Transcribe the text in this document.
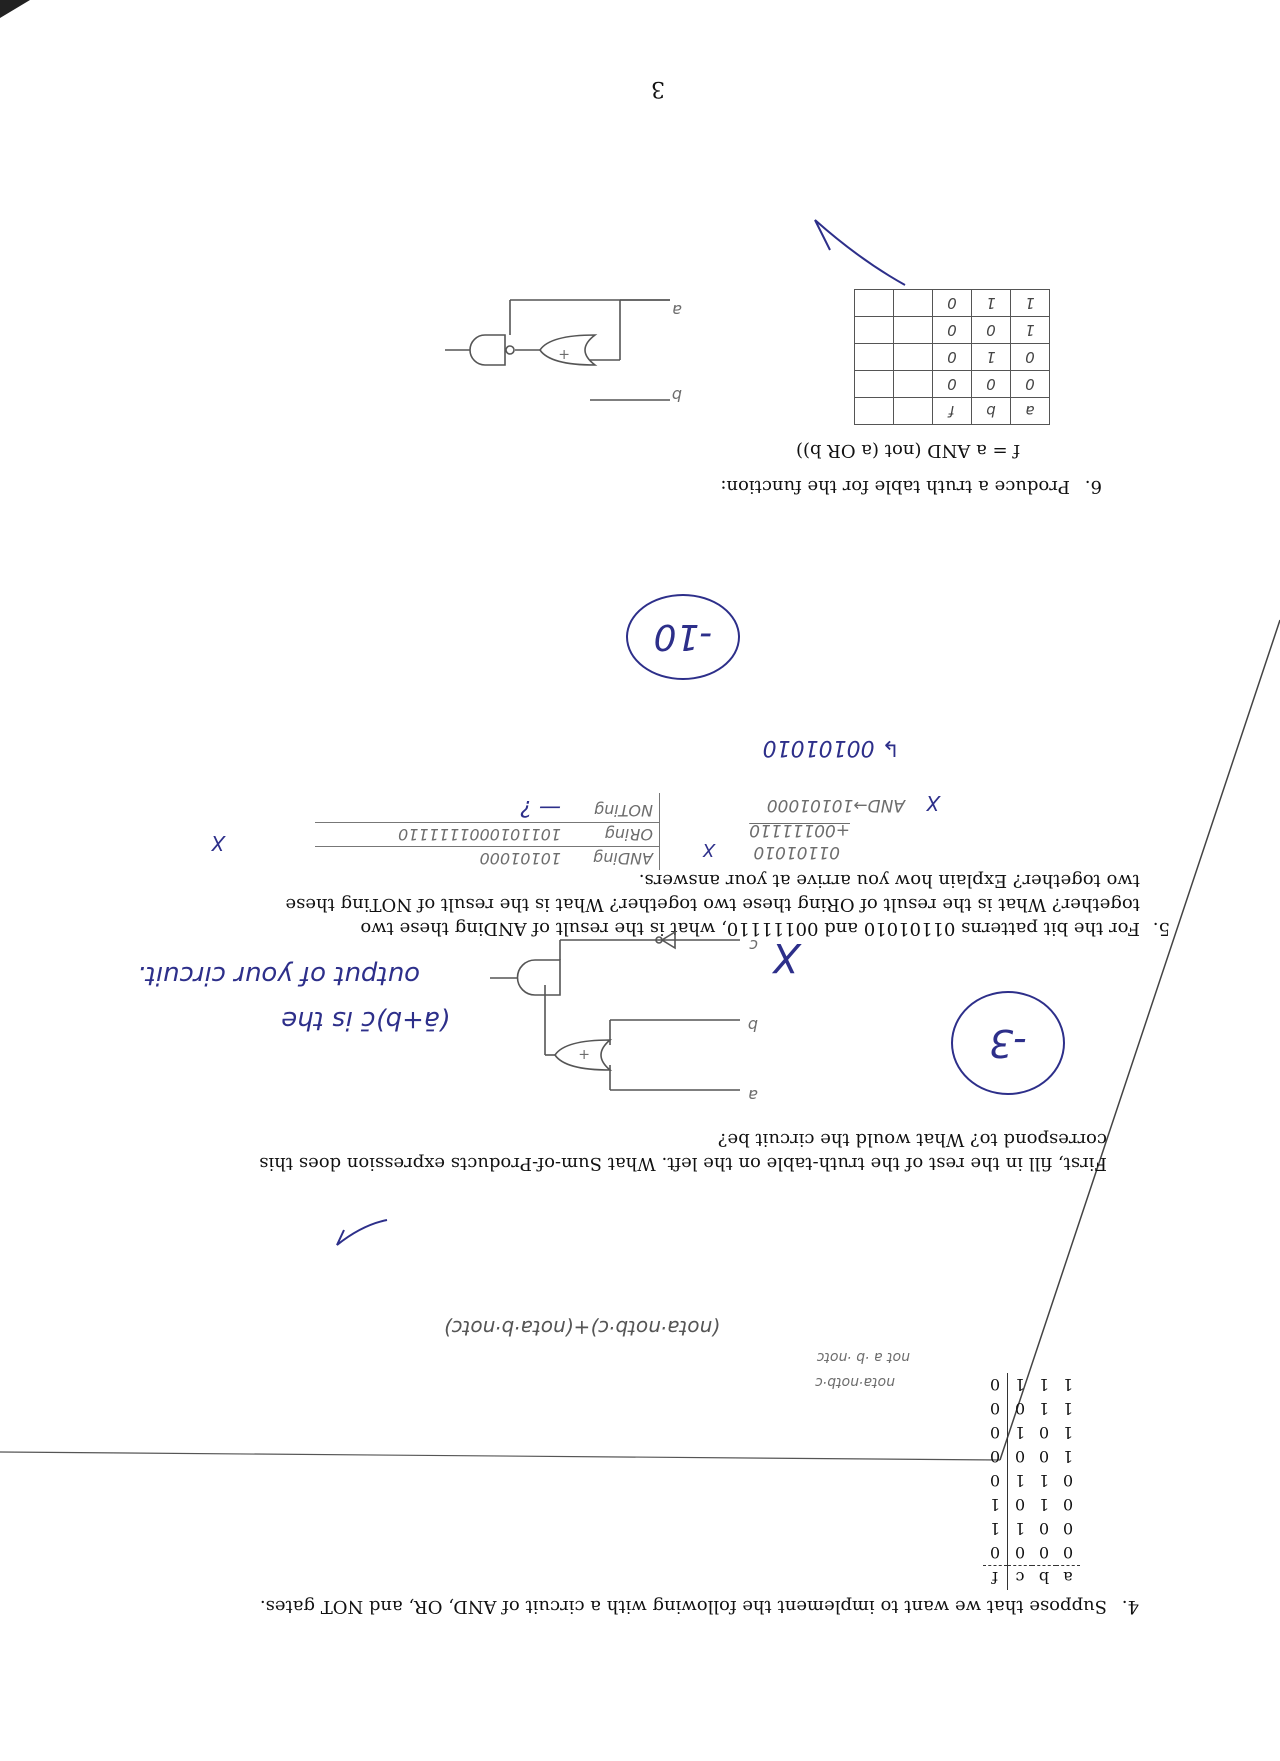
3
6.
Produce a truth table for the function:
f = a AND (not (a OR b))
a	b	f		
0	0	0		
0	1	0		
1	0	0		
1	1	0		
+
a
b
5.
For the bit patterns 01101010 and 00111110, what is the result of ANDing these two together? What is the result of ORing these two together? What is the result of NOTing these two together? Explain how you arrive at your answers.
01101010
+00111110
AND→10101000
↳ 00101010
X
X	X
ANDing
10101000
ORing
1011010001111110
NOTing
— ?
-10
4.
Suppose that we want to implement the following with a circuit of AND, OR, and NOT gates.
a	b	c	f
0	0	0	0
0	0	1	1
0	1	0	1
0	1	1	0
1	0	0	0
1	0	1	0
1	1	0	0
1	1	1	0
nota·notb·c
not a ·b ·notc
(nota·notb·c)+(nota·b·notc)
First, fill in the rest of the truth-table on the left. What Sum-of-Products expression does this correspond to? What would the circuit be?
+
a
b
c
(ā+b)c̄ is the
output of your circuit.	X
-3
